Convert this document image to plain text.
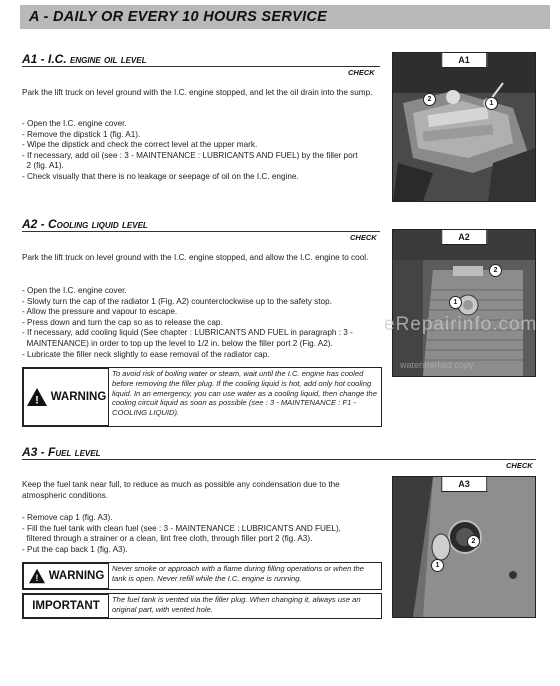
A - DAILY OR EVERY 10 HOURS SERVICE
A1 - I.C. engine oil level
CHECK
Park the lift truck on level ground with the I.C. engine stopped, and let the oil drain into the sump.
- Open the I.C. engine cover.
- Remove the dipstick 1 (fig. A1).
- Wipe the dipstick and check the correct level at the upper mark.
- If necessary, add oil (see : 3 - MAINTENANCE : LUBRICANTS AND FUEL) by the filler port
2 (fig. A1).
- Check visually that there is no leakage or seepage of oil on the I.C. engine.
A1
2
1
A2 - Cooling liquid level
CHECK
Park the lift truck on level ground with the I.C. engine stopped, and allow the I.C. engine to cool.
- Open the I.C. engine cover.
- Slowly turn the cap of the radiator 1 (Fig. A2) counterclockwise up to the safety stop.
- Allow the pressure and vapour to escape.
- Press down and turn the cap so as to release the cap.
- If necessary, add cooling liquid (See chapter : LUBRICANTS AND FUEL in paragraph : 3 -
MAINTENANCE) in order to top up the level to 1/2 in. below the filler port 2 (Fig. A2).
- Lubricate the filler neck slightly to ease removal of the radiator cap.
A2
2
1
! WARNING
To avoid risk of boiling water or steam, wait until the I.C. engine has cooled before removing the filler plug. If the cooling liquid is hot, add only hot cooling liquid. In an emergency, you can use water as a cooling liquid, then change the cooling circuit liquid as soon as possible (see : 3 - MAINTENANCE : F1 - COOLING LIQUID).
eRepairinfo.com
watermarked copy
A3 - Fuel level
CHECK
Keep the fuel tank near full, to reduce as much as possible any condensation due to the atmospheric conditions.
- Remove cap 1 (fig. A3).
- Fill the fuel tank with clean fuel (see : 3 - MAINTENANCE : LUBRICANTS AND FUEL),
filtered through a strainer or a clean, lint free cloth, through filler port 2 (fig. A3).
- Put the cap back 1 (fig. A3).
A3
2
1
! WARNING
Never smoke or approach with a flame during filling operations or when the tank is open. Never refill while the I.C. engine is running.
IMPORTANT
The fuel tank is vented via the filler plug. When changing it, always use an original part, with vented hole.
